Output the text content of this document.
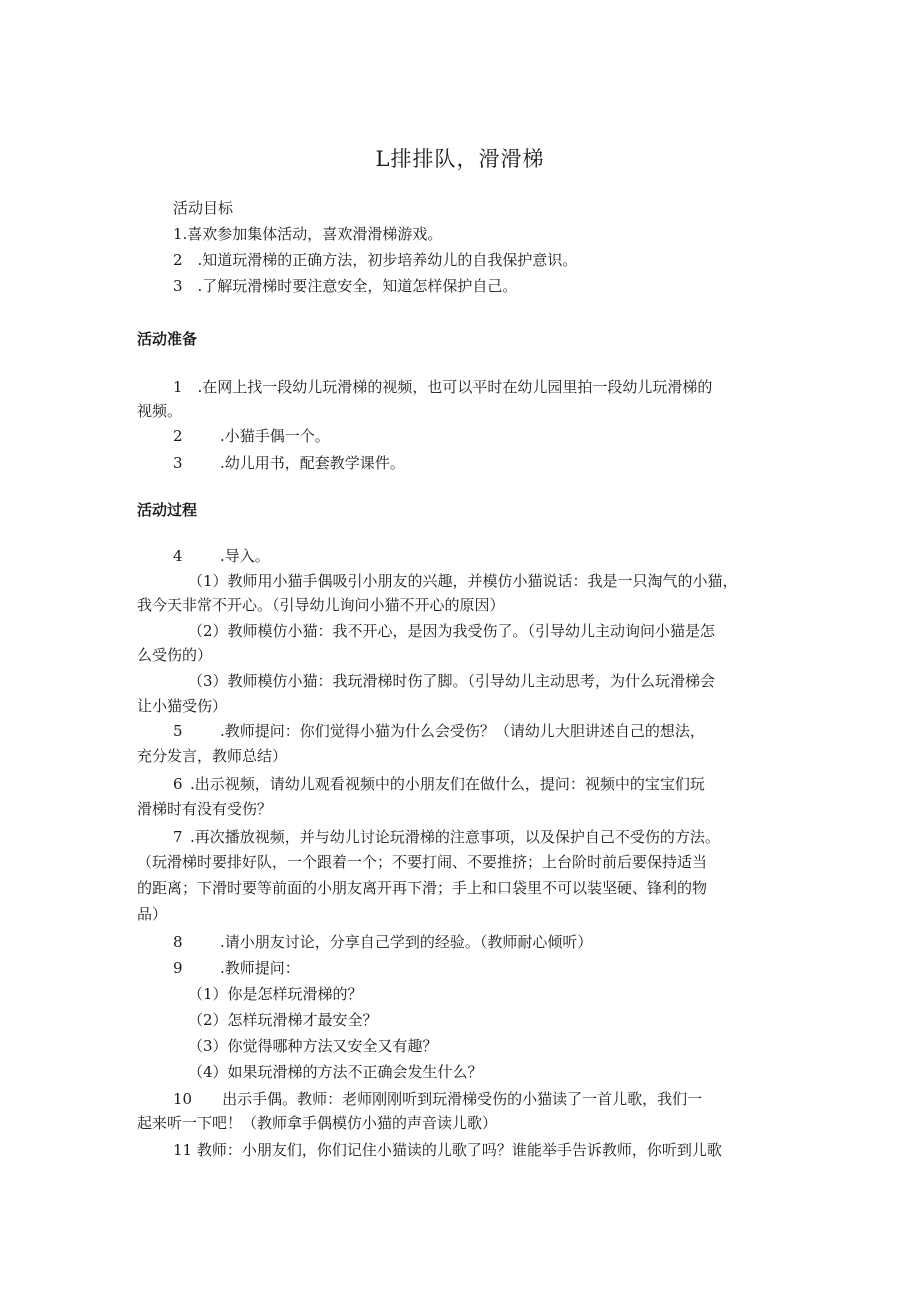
L排排队，滑滑梯
活动目标
1.喜欢参加集体活动，喜欢滑滑梯游戏。
2 .知道玩滑梯的正确方法，初步培养幼儿的自我保护意识。
3 .了解玩滑梯时要注意安全，知道怎样保护自己。
活动准备
1 .在网上找一段幼儿玩滑梯的视频，也可以平时在幼儿园里拍一段幼儿玩滑梯的
视频。
2   .小猫手偶一个。
3   .幼儿用书，配套教学课件。
活动过程
4   .导入。
（1）教师用小猫手偶吸引小朋友的兴趣，并模仿小猫说话：我是一只淘气的小猫，
我今天非常不开心。（引导幼儿询问小猫不开心的原因）
（2）教师模仿小猫：我不开心，是因为我受伤了。（引导幼儿主动询问小猫是怎
么受伤的）
（3）教师模仿小猫：我玩滑梯时伤了脚。（引导幼儿主动思考，为什么玩滑梯会
让小猫受伤）
5   .教师提问：你们觉得小猫为什么会受伤？（请幼儿大胆讲述自己的想法，
充分发言，教师总结）
6 .出示视频，请幼儿观看视频中的小朋友们在做什么，提问：视频中的宝宝们玩
滑梯时有没有受伤？
7 .再次播放视频，并与幼儿讨论玩滑梯的注意事项，以及保护自己不受伤的方法。
（玩滑梯时要排好队，一个跟着一个；不要打闹、不要推挤；上台阶时前后要保持适当
的距离；下滑时要等前面的小朋友离开再下滑；手上和口袋里不可以装坚硬、锋利的物
品）
8   .请小朋友讨论，分享自己学到的经验。（教师耐心倾听）
9   .教师提问：
（1）你是怎样玩滑梯的？
（2）怎样玩滑梯才最安全？
（3）你觉得哪种方法又安全又有趣？
（4）如果玩滑梯的方法不正确会发生什么？
10  出示手偶。教师：老师刚刚听到玩滑梯受伤的小猫读了一首儿歌，我们一
起来听一下吧！（教师拿手偶模仿小猫的声音读儿歌）
11 教师：小朋友们，你们记住小猫读的儿歌了吗？谁能举手告诉教师，你听到儿歌
